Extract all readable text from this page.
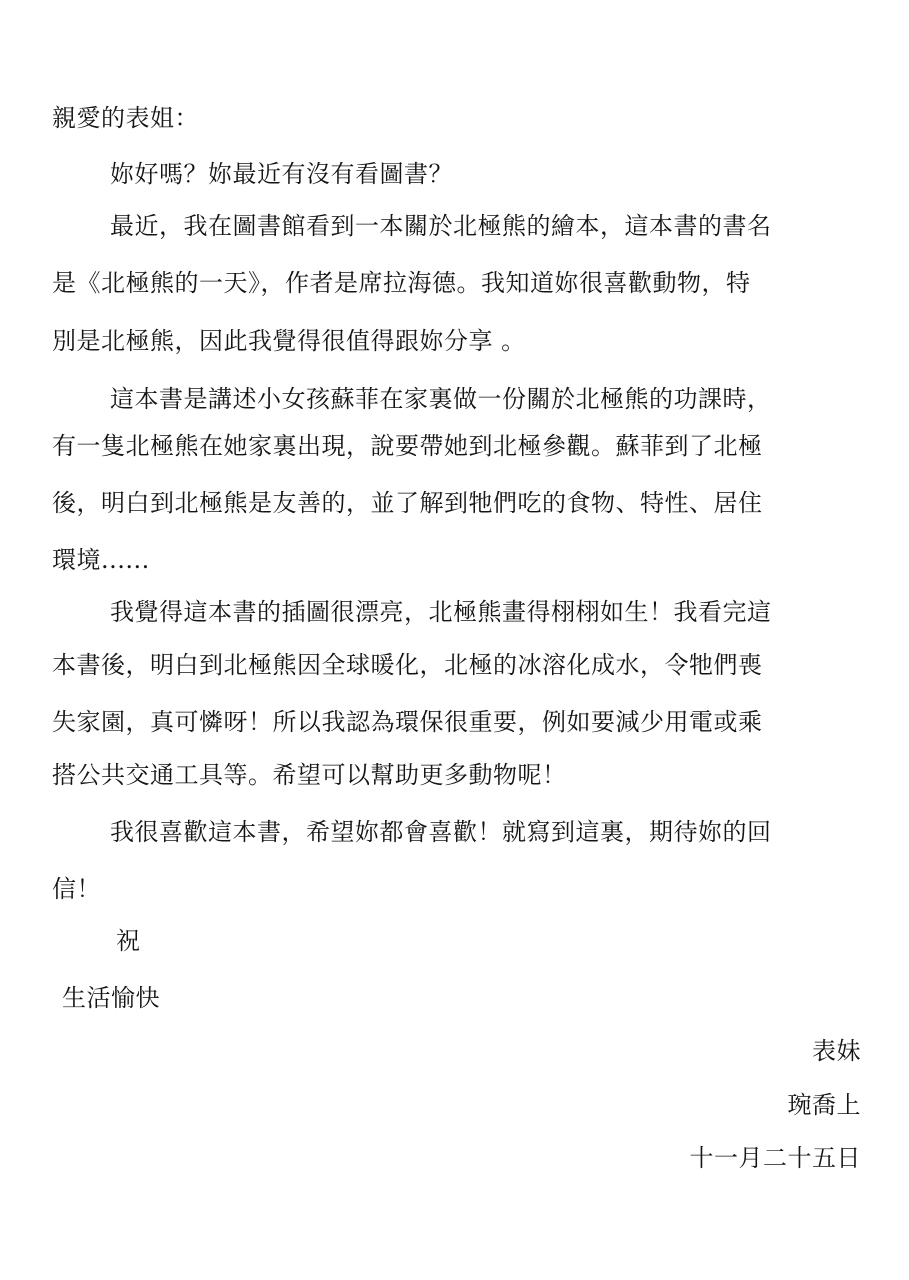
親愛的表姐：
妳好嗎？妳最近有沒有看圖書？
最近，我在圖書館看到一本關於北極熊的繪本，這本書的書名
是《北極熊的一天》，作者是席拉海德。我知道妳很喜歡動物，特
別是北極熊，因此我覺得很值得跟妳分享 。
這本書是講述小女孩蘇菲在家裏做一份關於北極熊的功課時，
有一隻北極熊在她家裏出現，說要帶她到北極參觀。蘇菲到了北極
後，明白到北極熊是友善的，並了解到牠們吃的食物、特性、居住
環境......
我覺得這本書的插圖很漂亮，北極熊畫得栩栩如生！我看完這
本書後，明白到北極熊因全球暖化，北極的冰溶化成水，令牠們喪
失家園，真可憐呀！所以我認為環保很重要，例如要減少用電或乘
搭公共交通工具等。希望可以幫助更多動物呢！
我很喜歡這本書，希望妳都會喜歡！就寫到這裏，期待妳的回
信！
祝
生活愉快
表妹
琬喬上
十一月二十五日
